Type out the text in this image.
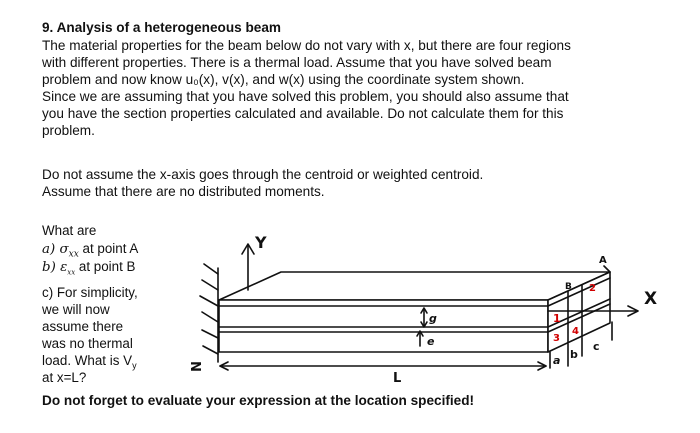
9. Analysis of a heterogeneous beam
The material properties for the beam below do not vary with x, but there are four regions
with different properties. There is a thermal load. Assume that you have solved beam
problem and now know u₀(x), v(x), and w(x) using the coordinate system shown.
Since we are assuming that you have solved this problem, you should also assume that
you have the section properties calculated and available. Do not calculate them for this
problem.
Do not assume the x-axis goes through the centroid or weighted centroid.
Assume that there are no distributed moments.
What are
a) $\sigma_{xx}$ at point A
b) $\varepsilon_{xx}$ at point B
c) For simplicity,
we will now
assume there
was no thermal
load. What is $V_y$
at x=L?
Do not forget to evaluate your expression at the location specified!
Y
X
L
A
B
g
e
a b
c
N
1
2
3
4
